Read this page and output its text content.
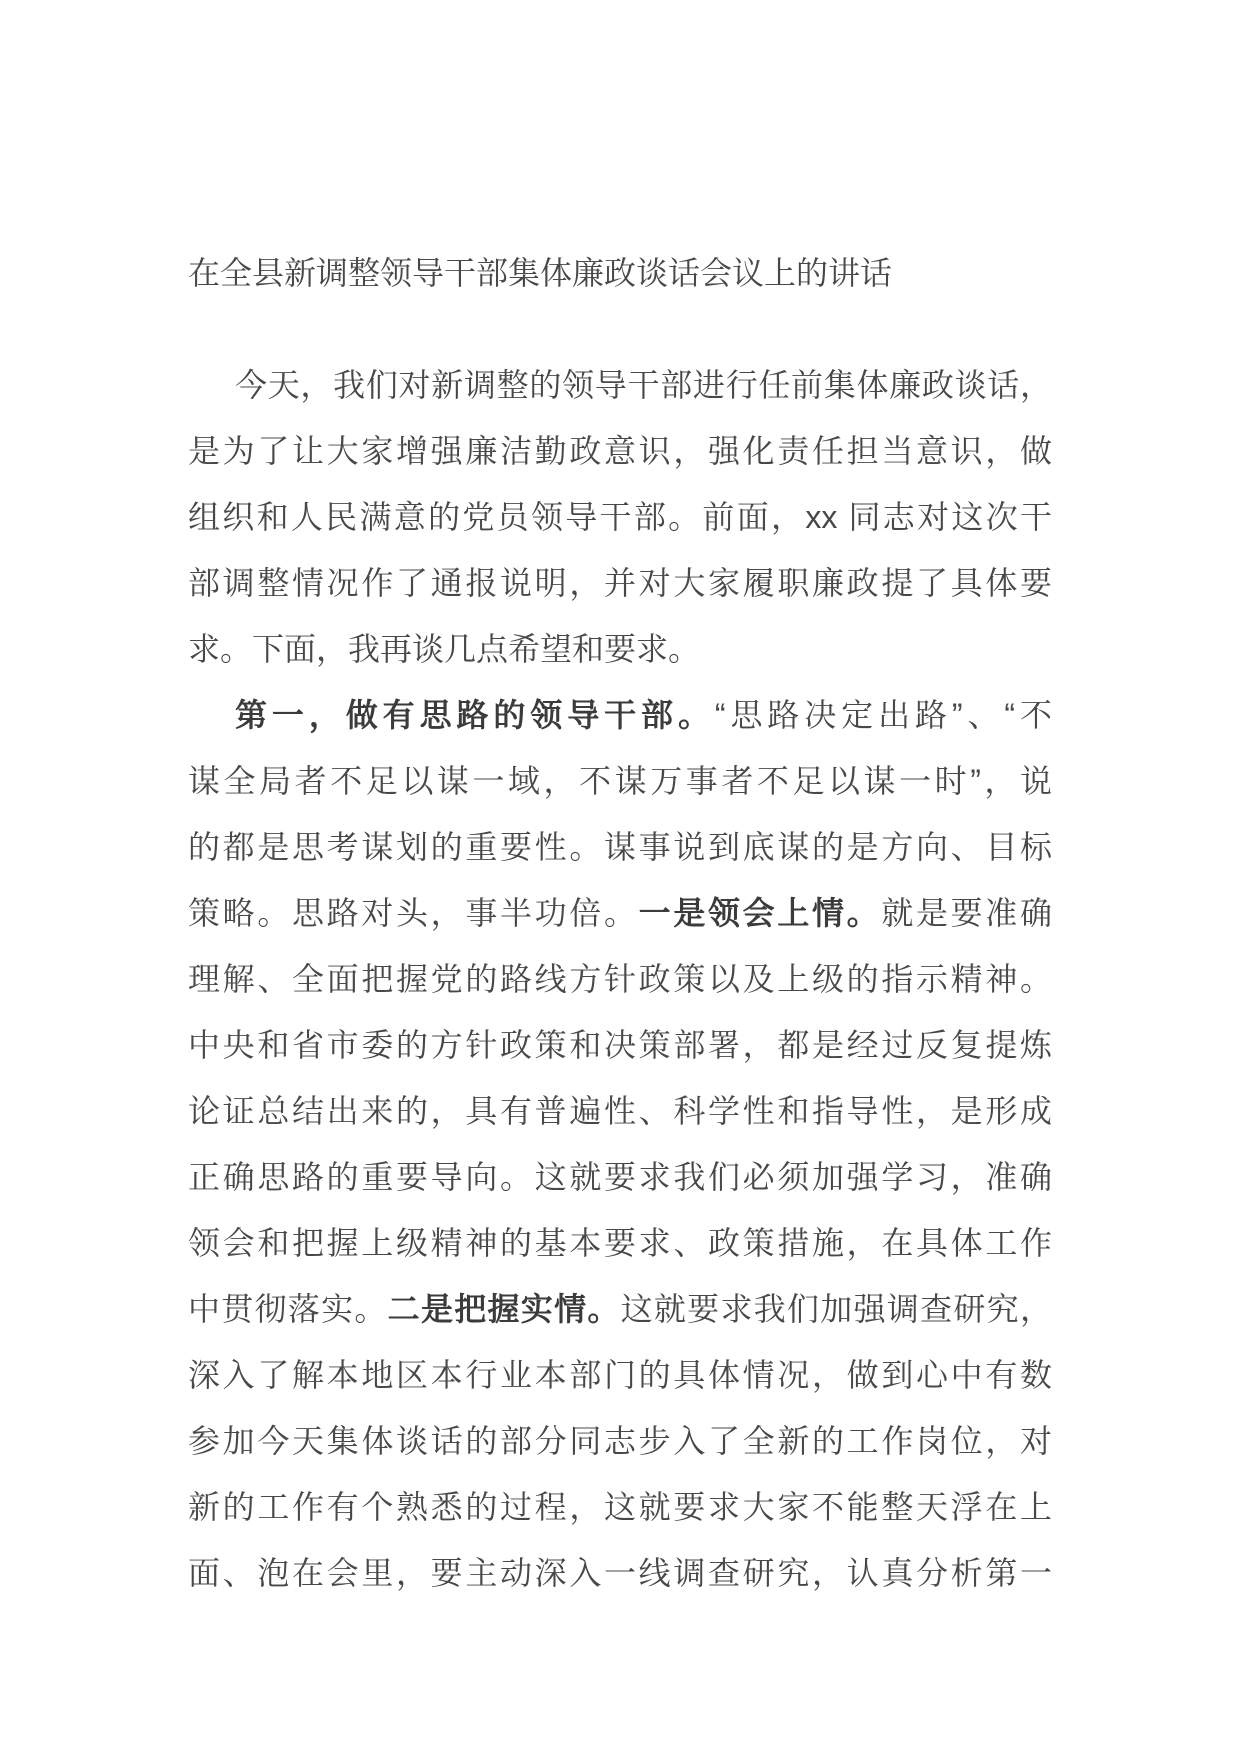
在全县新调整领导干部集体廉政谈话会议上的讲话
今天，我们对新调整的领导干部进行任前集体廉政谈话，
是为了让大家增强廉洁勤政意识，强化责任担当意识，做
组织和人民满意的党员领导干部。前面，xx 同志对这次干
部调整情况作了通报说明，并对大家履职廉政提了具体要
求。下面，我再谈几点希望和要求。
第一，做有思路的领导干部。“思路决定出路”、“不
谋全局者不足以谋一域，不谋万事者不足以谋一时”，说
的都是思考谋划的重要性。谋事说到底谋的是方向、目标
策略。思路对头，事半功倍。一是领会上情。就是要准确
理解、全面把握党的路线方针政策以及上级的指示精神。
中央和省市委的方针政策和决策部署，都是经过反复提炼
论证总结出来的，具有普遍性、科学性和指导性，是形成
正确思路的重要导向。这就要求我们必须加强学习，准确
领会和把握上级精神的基本要求、政策措施，在具体工作
中贯彻落实。二是把握实情。这就要求我们加强调查研究，
深入了解本地区本行业本部门的具体情况，做到心中有数
参加今天集体谈话的部分同志步入了全新的工作岗位，对
新的工作有个熟悉的过程，这就要求大家不能整天浮在上
面、泡在会里，要主动深入一线调查研究，认真分析第一
